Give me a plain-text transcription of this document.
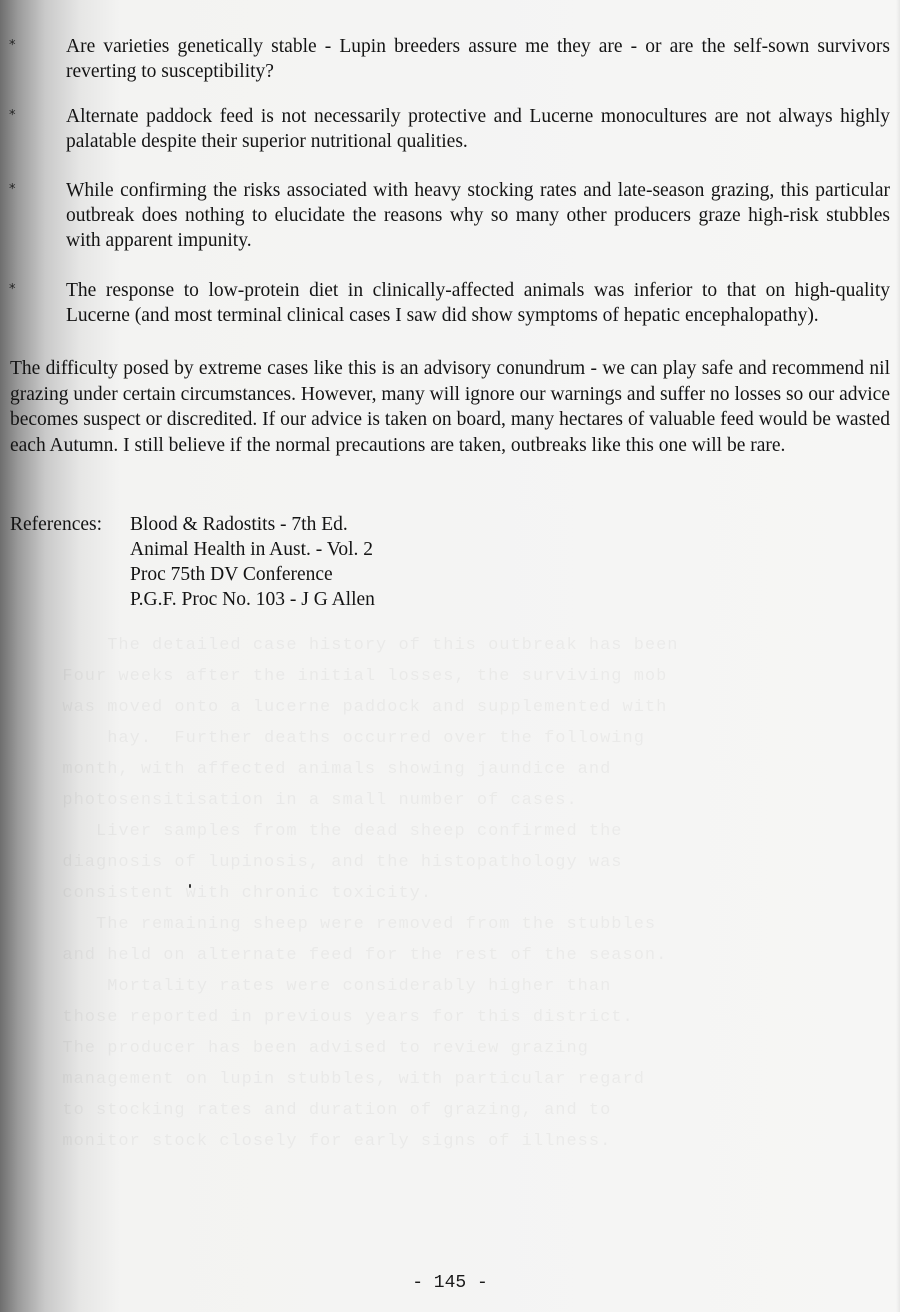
*	Are varieties genetically stable - Lupin breeders assure me they are - or are the self-sown survivors reverting to susceptibility?
*	Alternate paddock feed is not necessarily protective and Lucerne monocultures are not always highly palatable despite their superior nutritional qualities.
*	While confirming the risks associated with heavy stocking rates and late-season grazing, this particular outbreak does nothing to elucidate the reasons why so many other producers graze high-risk stubbles with apparent impunity.
*	The response to low-protein diet in clinically-affected animals was inferior to that on high-quality Lucerne (and most terminal clinical cases I saw did show symptoms of hepatic encephalopathy).
The difficulty posed by extreme cases like this is an advisory conundrum - we can play safe and recommend nil grazing under certain circumstances. However, many will ignore our warnings and suffer no losses so our advice becomes suspect or discredited. If our advice is taken on board, many hectares of valuable feed would be wasted each Autumn. I still believe if the normal precautions are taken, outbreaks like this one will be rare.
References: Blood & Radostits - 7th Ed.
Animal Health in Aust. - Vol. 2
Proc 75th DV Conference
P.G.F. Proc No. 103 - J G Allen
- 145 -
